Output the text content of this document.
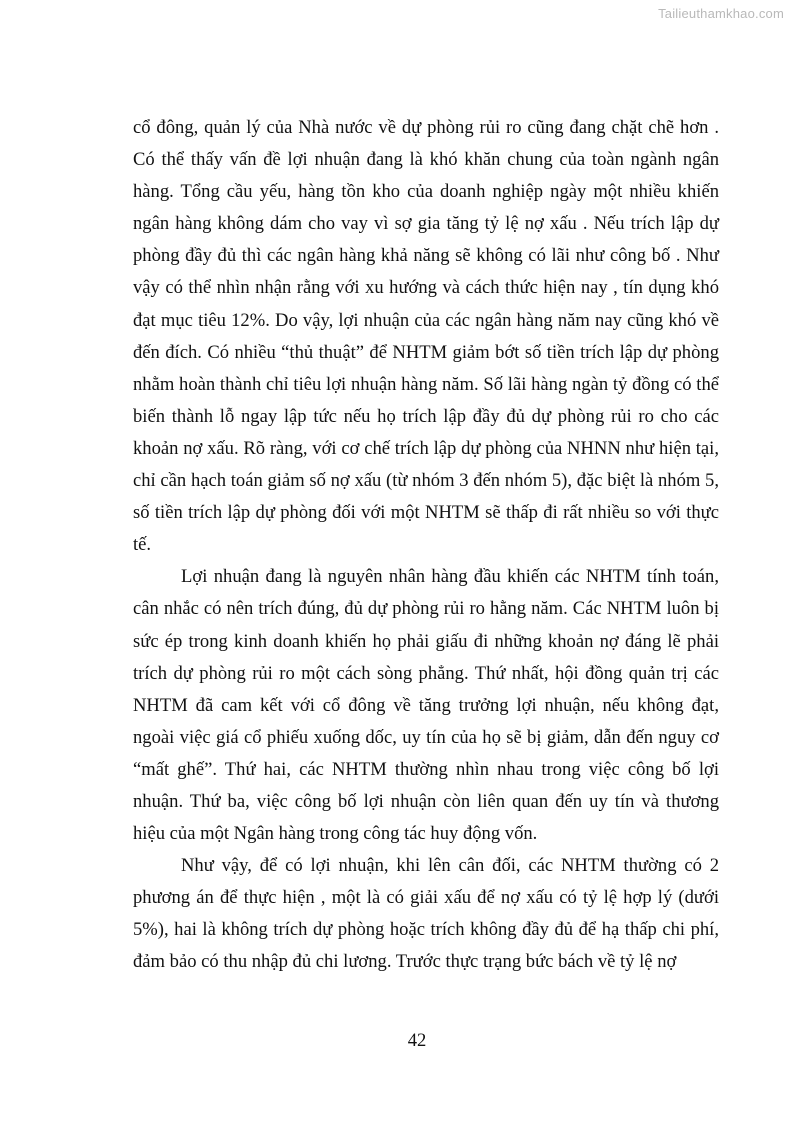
Tailieuthamkhao.com

cổ đông, quản lý của Nhà nước về dự phòng rủi ro cũng đang chặt chẽ hơn . Có thể thấy vấn đề lợi nhuận đang là khó khăn chung của toàn ngành ngân hàng. Tổng cầu yếu, hàng tồn kho của doanh nghiệp ngày một nhiều khiến ngân hàng không dám cho vay vì sợ gia tăng tỷ lệ nợ xấu . Nếu trích lập dự phòng đầy đủ thì các ngân hàng khả năng sẽ không có lãi như công bố . Như vậy có thể nhìn nhận rằng với xu hướng và cách thức hiện nay , tín dụng khó đạt mục tiêu 12%. Do vậy, lợi nhuận của các ngân hàng năm nay cũng khó về đến đích. Có nhiều “thủ thuật” để NHTM giảm bớt số tiền trích lập dự phòng nhằm hoàn thành chỉ tiêu lợi nhuận hàng năm. Số lãi hàng ngàn tỷ đồng có thể biến thành lỗ ngay lập tức nếu họ trích lập đầy đủ dự phòng rủi ro cho các khoản nợ xấu. Rõ ràng, với cơ chế trích lập dự phòng của NHNN như hiện tại, chỉ cần hạch toán giảm số nợ xấu (từ nhóm 3 đến nhóm 5), đặc biệt là nhóm 5, số tiền trích lập dự phòng đối với một NHTM sẽ thấp đi rất nhiều so với thực tế.

Lợi nhuận đang là nguyên nhân hàng đầu khiến các NHTM tính toán, cân nhắc có nên trích đúng, đủ dự phòng rủi ro hằng năm. Các NHTM luôn bị sức ép trong kinh doanh khiến họ phải giấu đi những khoản nợ đáng lẽ phải trích dự phòng rủi ro một cách sòng phẳng. Thứ nhất, hội đồng quản trị các NHTM đã cam kết với cổ đông về tăng trưởng lợi nhuận, nếu không đạt, ngoài việc giá cổ phiếu xuống dốc, uy tín của họ sẽ bị giảm, dẫn đến nguy cơ “mất ghế”. Thứ hai, các NHTM thường nhìn nhau trong việc công bố lợi nhuận. Thứ ba, việc công bố lợi nhuận còn liên quan đến uy tín và thương hiệu của một Ngân hàng trong công tác huy động vốn.

Như vậy, để có lợi nhuận, khi lên cân đối, các NHTM thường có 2 phương án để thực hiện , một là có giải xấu để nợ xấu có tỷ lệ hợp lý (dưới 5%), hai là không trích dự phòng hoặc trích không đầy đủ để hạ thấp chi phí, đảm bảo có thu nhập đủ chi lương. Trước thực trạng bức bách về tỷ lệ nợ

42
